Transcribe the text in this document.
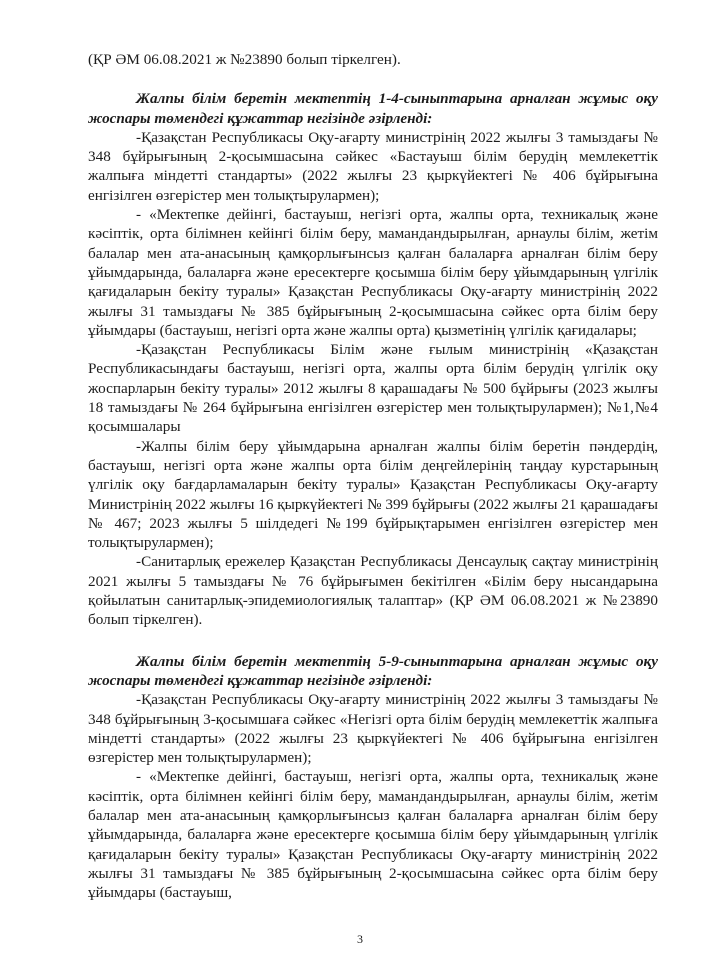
(ҚР ӘМ 06.08.2021 ж №23890 болып тіркелген).

Жалпы білім беретін мектептің 1-4-сыныптарына арналған жұмыс оқу жоспары төмендегі құжаттар негізінде әзірленді:

-Қазақстан Республикасы Оқу-ағарту министрінің 2022 жылғы 3 тамыздағы № 348 бұйрығының 2-қосымшасына сәйкес «Бастауыш білім берудің мемлекеттік жалпыға міндетті стандарты» (2022 жылғы 23 қыркүйектегі № 406 бұйрығына енгізілген өзгерістер мен толықтырулармен);

- «Мектепке дейінгі, бастауыш, негізгі орта, жалпы орта, техникалық және кәсіптік, орта білімнен кейінгі білім беру, мамандандырылған, арнаулы білім, жетім балалар мен ата-анасының қамқорлығынсыз қалған балаларға арналған білім беру ұйымдарында, балаларға және ересектерге қосымша білім беру ұйымдарының үлгілік қағидаларын бекіту туралы» Қазақстан Республикасы Оқу-ағарту министрінің 2022 жылғы 31 тамыздағы № 385 бұйрығының 2-қосымшасына сәйкес орта білім беру ұйымдары (бастауыш, негізгі орта және жалпы орта) қызметінің үлгілік қағидалары;

-Қазақстан Республикасы Білім және ғылым министрінің «Қазақстан Республикасындағы бастауыш, негізгі орта, жалпы орта білім берудің үлгілік оқу жоспарларын бекіту туралы» 2012 жылғы 8 қарашадағы № 500 бұйрығы (2023 жылғы 18 тамыздағы № 264 бұйрығына енгізілген өзгерістер мен толықтырулармен); №1,№4 қосымшалары

-Жалпы білім беру ұйымдарына арналған жалпы білім беретін пәндердің, бастауыш, негізгі орта және жалпы орта білім деңгейлерінің таңдау курстарының үлгілік оқу бағдарламаларын бекіту туралы» Қазақстан Республикасы Оқу-ағарту Министрінің 2022 жылғы 16 қыркүйектегі № 399 бұйрығы (2022 жылғы 21 қарашадағы № 467; 2023 жылғы 5 шілдедегі №199 бұйрықтарымен енгізілген өзгерістер мен толықтырулармен);

-Санитарлық ережелер Қазақстан Республикасы Денсаулық сақтау министрінің 2021 жылғы 5 тамыздағы № 76 бұйрығымен бекітілген «Білім беру нысандарына қойылатын санитарлық-эпидемиологиялық талаптар» (ҚР ӘМ 06.08.2021 ж №23890 болып тіркелген).

Жалпы білім беретін мектептің 5-9-сыныптарына арналған жұмыс оқу жоспары төмендегі құжаттар негізінде әзірленді:

-Қазақстан Республикасы Оқу-ағарту министрінің 2022 жылғы 3 тамыздағы № 348 бұйрығының 3-қосымшаға сәйкес «Негізгі орта білім берудің мемлекеттік жалпыға міндетті стандарты» (2022 жылғы 23 қыркүйектегі № 406 бұйрығына енгізілген өзгерістер мен толықтырулармен);

- «Мектепке дейінгі, бастауыш, негізгі орта, жалпы орта, техникалық және кәсіптік, орта білімнен кейінгі білім беру, мамандандырылған, арнаулы білім, жетім балалар мен ата-анасының қамқорлығынсыз қалған балаларға арналған білім беру ұйымдарында, балаларға және ересектерге қосымша білім беру ұйымдарының үлгілік қағидаларын бекіту туралы» Қазақстан Республикасы Оқу-ағарту министрінің 2022 жылғы 31 тамыздағы № 385 бұйрығының 2-қосымшасына сәйкес орта білім беру ұйымдары (бастауыш,

3
